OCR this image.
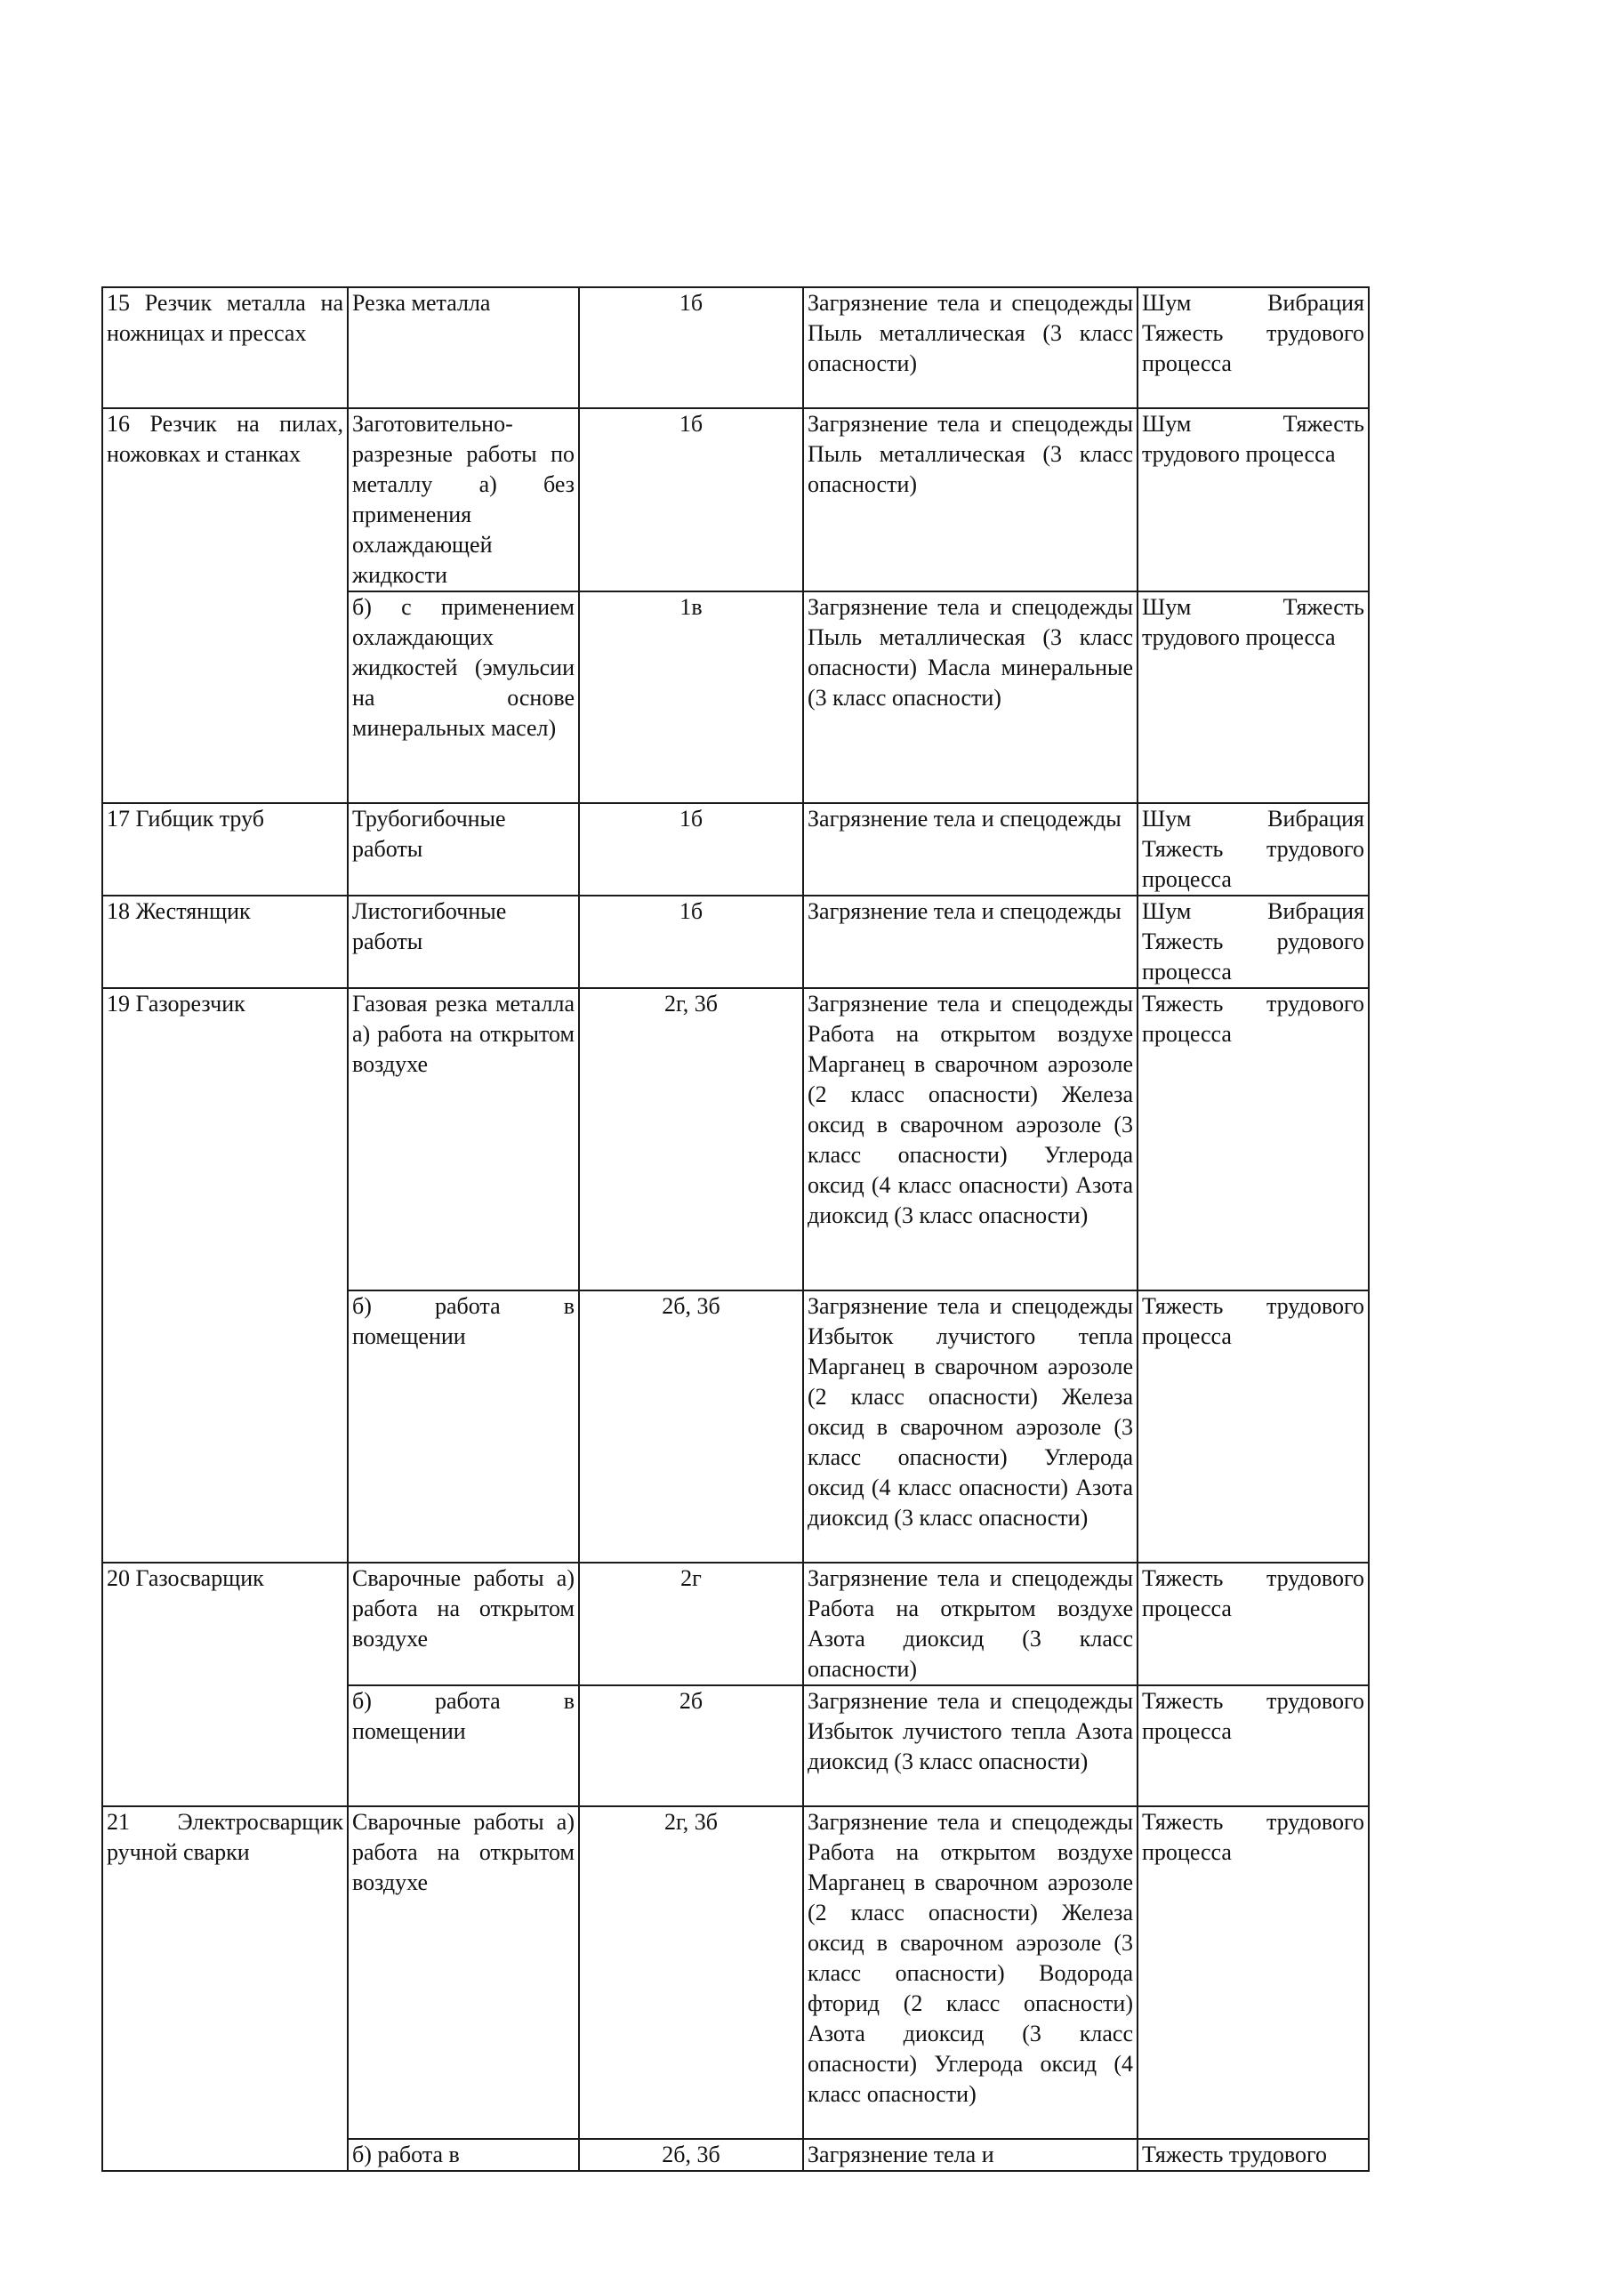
15 Резчик металла на ножницах и прессах	Резка металла	1б	Загрязнение тела и спецодежды Пыль металлическая (3 класс опасности)	Шум Вибрация Тяжесть трудового процесса
16 Резчик на пилах, ножовках и станках	Заготовительно-разрезные работы по металлу а) без применения охлаждающей жидкости	1б	Загрязнение тела и спецодежды Пыль металлическая (3 класс опасности)	Шум Тяжесть трудового процесса
	б) с применением охлаждающих жидкостей (эмульсии на основе минеральных масел)	1в	Загрязнение тела и спецодежды Пыль металлическая (3 класс опасности) Масла минеральные (3 класс опасности)	Шум Тяжесть трудового процесса
17 Гибщик труб	Трубогибочные работы	1б	Загрязнение тела и спецодежды	Шум Вибрация Тяжесть трудового процесса
18 Жестянщик	Листогибочные работы	1б	Загрязнение тела и спецодежды	Шум Вибрация Тяжесть рудового процесса
19 Газорезчик	Газовая резка металла а) работа на открытом воздухе	2г, 3б	Загрязнение тела и спецодежды Работа на открытом воздухе Марганец в сварочном аэрозоле (2 класс опасности) Железа оксид в сварочном аэрозоле (3 класс опасности) Углерода оксид (4 класс опасности) Азота диоксид (3 класс опасности)	Тяжесть трудового процесса
	б) работа в помещении	2б, 3б	Загрязнение тела и спецодежды Избыток лучистого тепла Марганец в сварочном аэрозоле (2 класс опасности) Железа оксид в сварочном аэрозоле (3 класс опасности) Углерода оксид (4 класс опасности) Азота диоксид (3 класс опасности)	Тяжесть трудового процесса
20 Газосварщик	Сварочные работы а) работа на открытом воздухе	2г	Загрязнение тела и спецодежды Работа на открытом воздухе Азота диоксид (3 класс опасности)	Тяжесть трудового процесса
	б) работа в помещении	2б	Загрязнение тела и спецодежды Избыток лучистого тепла Азота диоксид (3 класс опасности)	Тяжесть трудового процесса
21 Электросварщик ручной сварки	Сварочные работы а) работа на открытом воздухе	2г, 3б	Загрязнение тела и спецодежды Работа на открытом воздухе Марганец в сварочном аэрозоле (2 класс опасности) Железа оксид в сварочном аэрозоле (3 класс опасности) Водорода фторид (2 класс опасности) Азота диоксид (3 класс опасности) Углерода оксид (4 класс опасности)	Тяжесть трудового процесса
	б) работа в	2б, 3б	Загрязнение тела и	Тяжесть трудового
